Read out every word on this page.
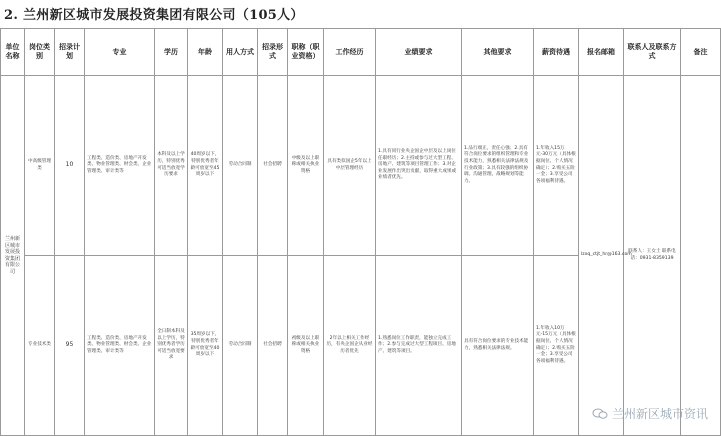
2. 兰州新区城市发展投资集团有限公司（105人）
单位名称	岗位类别	招录计划	专业	学历	年龄	用人方式	招录形式	职称（职业资格）	工作经历	业绩要求	其他要求	薪资待遇	报名邮箱	联系人及联系方式	备注
兰州新区城市发展投资集团有限公司	中高级管理类	10	工程类、造价类、房地产开发类、物业管理类、财会类、企业管理类、审计类等	本科及以上学历，特别优秀可适当放宽学历要求	40周岁以下，特别优秀者年龄可放宽至45周岁以下	劳动合同制	社会招聘	中级及以上职称或相关执业资格	具有类似国企5年以上中层管理经历	1.具有同行业央企国企中层及以上岗位任职经历；2.主持或参与过大型工程、房地产、建筑等项目管理工作；3.对企业发展作出突出贡献，取得重大成果或业绩者优先。	1.品行端正，责任心强；2.具有符合岗位要求的组织管理和专业技术能力，熟悉相关法律法规及行业政策；3.具有较强的组织协调、沟通管理、战略规划等能力。	1.年收入15万元-30万元（具体根据岗位、个人情况确定）；2.购买五险一金；3.享受公司各项福利待遇。	lzxq_ctjt_hr@163.com	联系人：王女士 联系电话：0931-8359139	
	专业技术类	95	工程类、造价类、房地产开发类、物业管理类、财会类、企业管理类、审计类等	全日制本科及以上学历，特别优秀者学历可适当放宽要求	35周岁以下，特别优秀者年龄可放宽至40周岁以下	劳动合同制	社会招聘	初级及以上职称或相关执业资格	2年以上相关工作经历，有央企国企从业经历者优先	1.熟悉岗位工作职责，能独立完成工作；2.参与完成过大型工程项目、房地产、建筑等项目。	具有符合岗位要求的专业技术能力，熟悉相关法律法规。	1.年收入10万元-15万元（具体根据岗位、个人情况确定）；2.购买五险一金；3.享受公司各项福利待遇。			
兰州新区城市资讯
